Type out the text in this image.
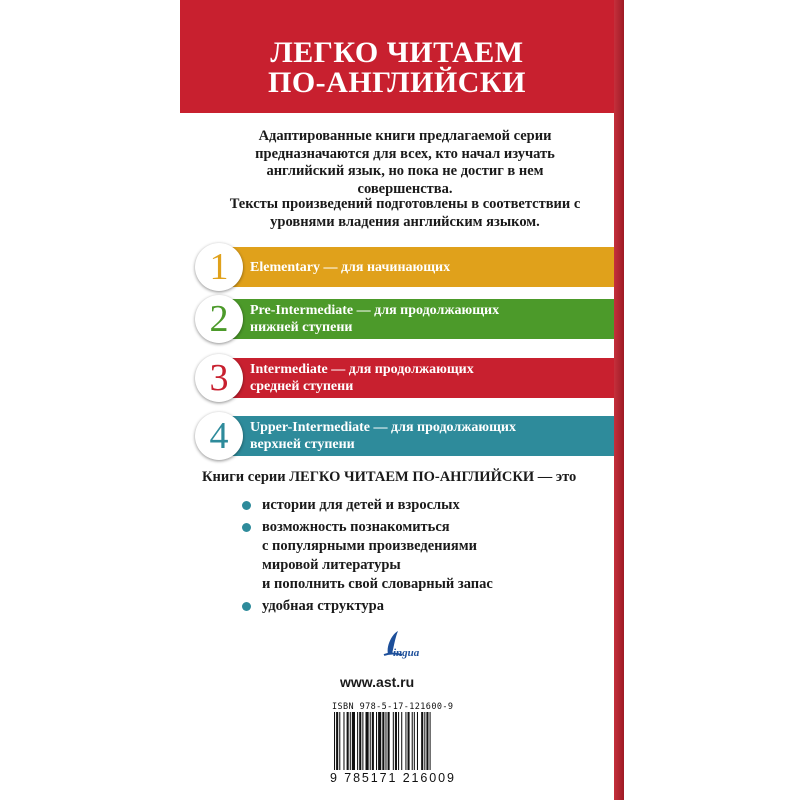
ЛЕГКО ЧИТАЕМ
ПО-АНГЛИЙСКИ

Адаптированные книги предлагаемой серии предназначаются для всех, кто начал изучать английский язык, но пока не достиг в нем совершенства.

Тексты произведений подготовлены в соответствии с уровнями владения английским языком.

1	Elementary — для начинающих
2	Pre-Intermediate — для продолжающих
нижней ступени
3	Intermediate — для продолжающих
средней ступени
4	Upper-Intermediate — для продолжающих
верхней ступени
Книги серии ЛЕГКО ЧИТАЕМ ПО-АНГЛИЙСКИ — это
истории для детей и взрослых
возможность познакомиться
с популярными произведениями
мировой литературы
и пополнить свой словарный запас
удобная структура
ingua
www.ast.ru
ISBN 978-5-17-121600-9
9 785171 216009
